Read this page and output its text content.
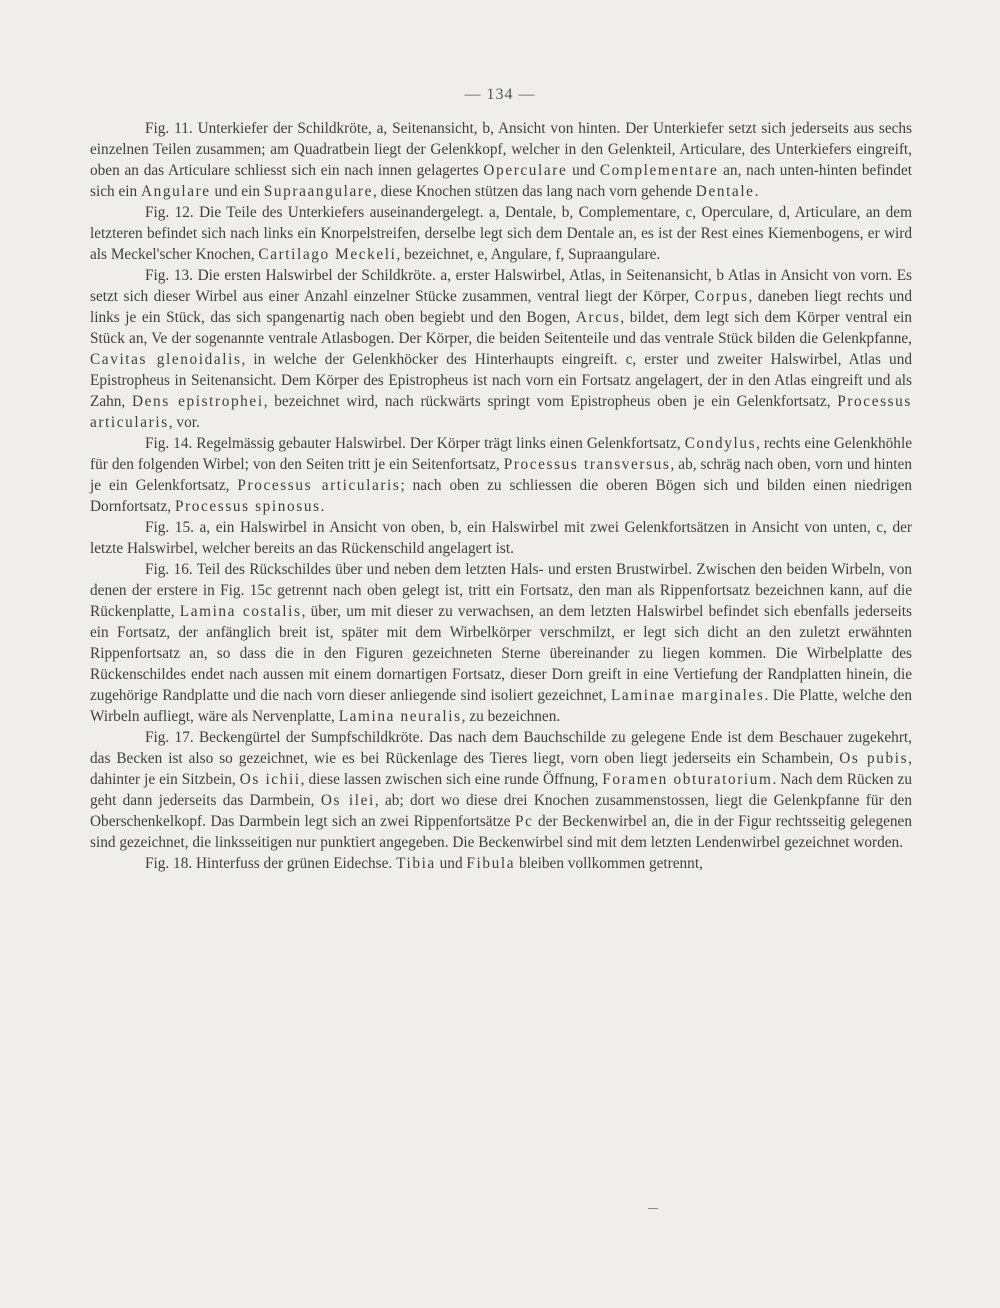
— 134 —

Fig. 11. Unterkiefer der Schildkröte, a, Seitenansicht, b, Ansicht von hinten. Der Unterkiefer setzt sich jederseits aus sechs einzelnen Teilen zusammen; am Quadratbein liegt der Gelenkkopf, welcher in den Gelenkteil, Articulare, des Unterkiefers eingreift, oben an das Articulare schliesst sich ein nach innen gelagertes Operculare und Complementare an, nach unten-hinten befindet sich ein Angulare und ein Supraangulare, diese Knochen stützen das lang nach vorn gehende Dentale.

Fig. 12. Die Teile des Unterkiefers auseinandergelegt. a, Dentale, b, Complementare, c, Operculare, d, Articulare, an dem letzteren befindet sich nach links ein Knorpelstreifen, derselbe legt sich dem Dentale an, es ist der Rest eines Kiemenbogens, er wird als Meckel'scher Knochen, Cartilago Meckeli, bezeichnet, e, Angulare, f, Supraangulare.

Fig. 13. Die ersten Halswirbel der Schildkröte. a, erster Halswirbel, Atlas, in Seitenansicht, b Atlas in Ansicht von vorn. Es setzt sich dieser Wirbel aus einer Anzahl einzelner Stücke zusammen, ventral liegt der Körper, Corpus, daneben liegt rechts und links je ein Stück, das sich spangenartig nach oben begiebt und den Bogen, Arcus, bildet, dem legt sich dem Körper ventral ein Stück an, Ve der sogenannte ventrale Atlasbogen. Der Körper, die beiden Seitenteile und das ventrale Stück bilden die Gelenkpfanne, Cavitas glenoidalis, in welche der Gelenkhöcker des Hinterhaupts eingreift. c, erster und zweiter Halswirbel, Atlas und Epistropheus in Seitenansicht. Dem Körper des Epistropheus ist nach vorn ein Fortsatz angelagert, der in den Atlas eingreift und als Zahn, Dens epistrophei, bezeichnet wird, nach rückwärts springt vom Epistropheus oben je ein Gelenkfortsatz, Processus articularis, vor.

Fig. 14. Regelmässig gebauter Halswirbel. Der Körper trägt links einen Gelenkfortsatz, Condylus, rechts eine Gelenkhöhle für den folgenden Wirbel; von den Seiten tritt je ein Seitenfortsatz, Processus transversus, ab, schräg nach oben, vorn und hinten je ein Gelenkfortsatz, Processus articularis; nach oben zu schliessen die oberen Bögen sich und bilden einen niedrigen Dornfortsatz, Processus spinosus.

Fig. 15. a, ein Halswirbel in Ansicht von oben, b, ein Halswirbel mit zwei Gelenkfortsätzen in Ansicht von unten, c, der letzte Halswirbel, welcher bereits an das Rückenschild angelagert ist.

Fig. 16. Teil des Rückschildes über und neben dem letzten Hals- und ersten Brustwirbel. Zwischen den beiden Wirbeln, von denen der erstere in Fig. 15c getrennt nach oben gelegt ist, tritt ein Fortsatz, den man als Rippenfortsatz bezeichnen kann, auf die Rückenplatte, Lamina costalis, über, um mit dieser zu verwachsen, an dem letzten Halswirbel befindet sich ebenfalls jederseits ein Fortsatz, der anfänglich breit ist, später mit dem Wirbelkörper verschmilzt, er legt sich dicht an den zuletzt erwähnten Rippenfortsatz an, so dass die in den Figuren gezeichneten Sterne übereinander zu liegen kommen. Die Wirbelplatte des Rückenschildes endet nach aussen mit einem dornartigen Fortsatz, dieser Dorn greift in eine Vertiefung der Randplatten hinein, die zugehörige Randplatte und die nach vorn dieser anliegende sind isoliert gezeichnet, Laminae marginales. Die Platte, welche den Wirbeln aufliegt, wäre als Nervenplatte, Lamina neuralis, zu bezeichnen.

Fig. 17. Beckengürtel der Sumpfschildkröte. Das nach dem Bauchschilde zu gelegene Ende ist dem Beschauer zugekehrt, das Becken ist also so gezeichnet, wie es bei Rückenlage des Tieres liegt, vorn oben liegt jederseits ein Schambein, Os pubis, dahinter je ein Sitzbein, Os ichii, diese lassen zwischen sich eine runde Öffnung, Foramen obturatorium. Nach dem Rücken zu geht dann jederseits das Darmbein, Os ilei, ab; dort wo diese drei Knochen zusammenstossen, liegt die Gelenkpfanne für den Oberschenkelkopf. Das Darmbein legt sich an zwei Rippenfortsätze Pc der Beckenwirbel an, die in der Figur rechtsseitig gelegenen sind gezeichnet, die linksseitigen nur punktiert angegeben. Die Beckenwirbel sind mit dem letzten Lendenwirbel gezeichnet worden.

Fig. 18. Hinterfuss der grünen Eidechse. Tibia und Fibula bleiben vollkommen getrennt,
